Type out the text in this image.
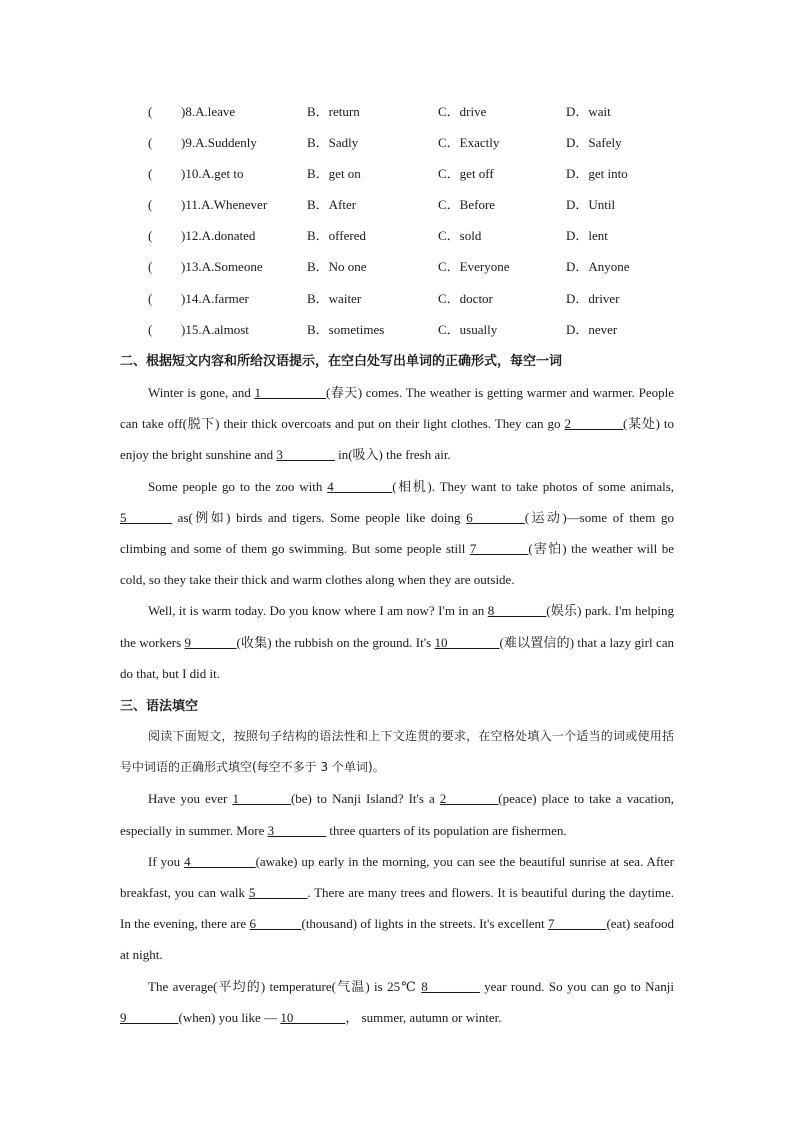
( )8.A.leave	B．return	C．drive	D．wait
( )9.A.Suddenly	B．Sadly	C．Exactly	D．Safely
( )10.A.get to	B．get on	C．get off	D．get into
( )11.A.Whenever	B．After	C．Before	D．Until
( )12.A.donated	B．offered	C．sold	D．lent
( )13.A.Someone	B．No one	C．Everyone	D．Anyone
( )14.A.farmer	B．waiter	C．doctor	D．driver
( )15.A.almost	B．sometimes	C．usually	D．never
二、根据短文内容和所给汉语提示，在空白处写出单词的正确形式，每空一词

Winter is gone, and 1__________(春天) comes. The weather is getting warmer and warmer. People can take off(脱下) their thick overcoats and put on their light clothes. They can go 2________(某处) to enjoy the bright sunshine and 3________ in(吸入) the fresh air.

Some people go to the zoo with 4_________(相机). They want to take photos of some animals, 5_______ as(例如) birds and tigers. Some people like doing 6________(运动)—some of them go climbing and some of them go swimming. But some people still 7________(害怕) the weather will be cold, so they take their thick and warm clothes along when they are outside.

Well, it is warm today. Do you know where I am now? I'm in an 8________(娱乐) park. I'm helping the workers 9_______(收集) the rubbish on the ground. It's 10________(难以置信的) that a lazy girl can do that, but I did it.

三、语法填空

阅读下面短文，按照句子结构的语法性和上下文连贯的要求，在空格处填入一个适当的词或使用括号中词语的正确形式填空(每空不多于 3 个单词)。

Have you ever 1________(be) to Nanji Island? It's a 2________(peace) place to take a vacation, especially in summer. More 3________ three quarters of its population are fishermen.

If you 4__________(awake) up early in the morning, you can see the beautiful sunrise at sea. After breakfast, you can walk 5________. There are many trees and flowers. It is beautiful during the daytime. In the evening, there are 6_______(thousand) of lights in the streets. It's excellent 7________(eat) seafood at night.

The average(平均的) temperature(气温) is 25℃ 8________ year round. So you can go to Nanji 9________(when) you like — 10________， summer, autumn or winter.
